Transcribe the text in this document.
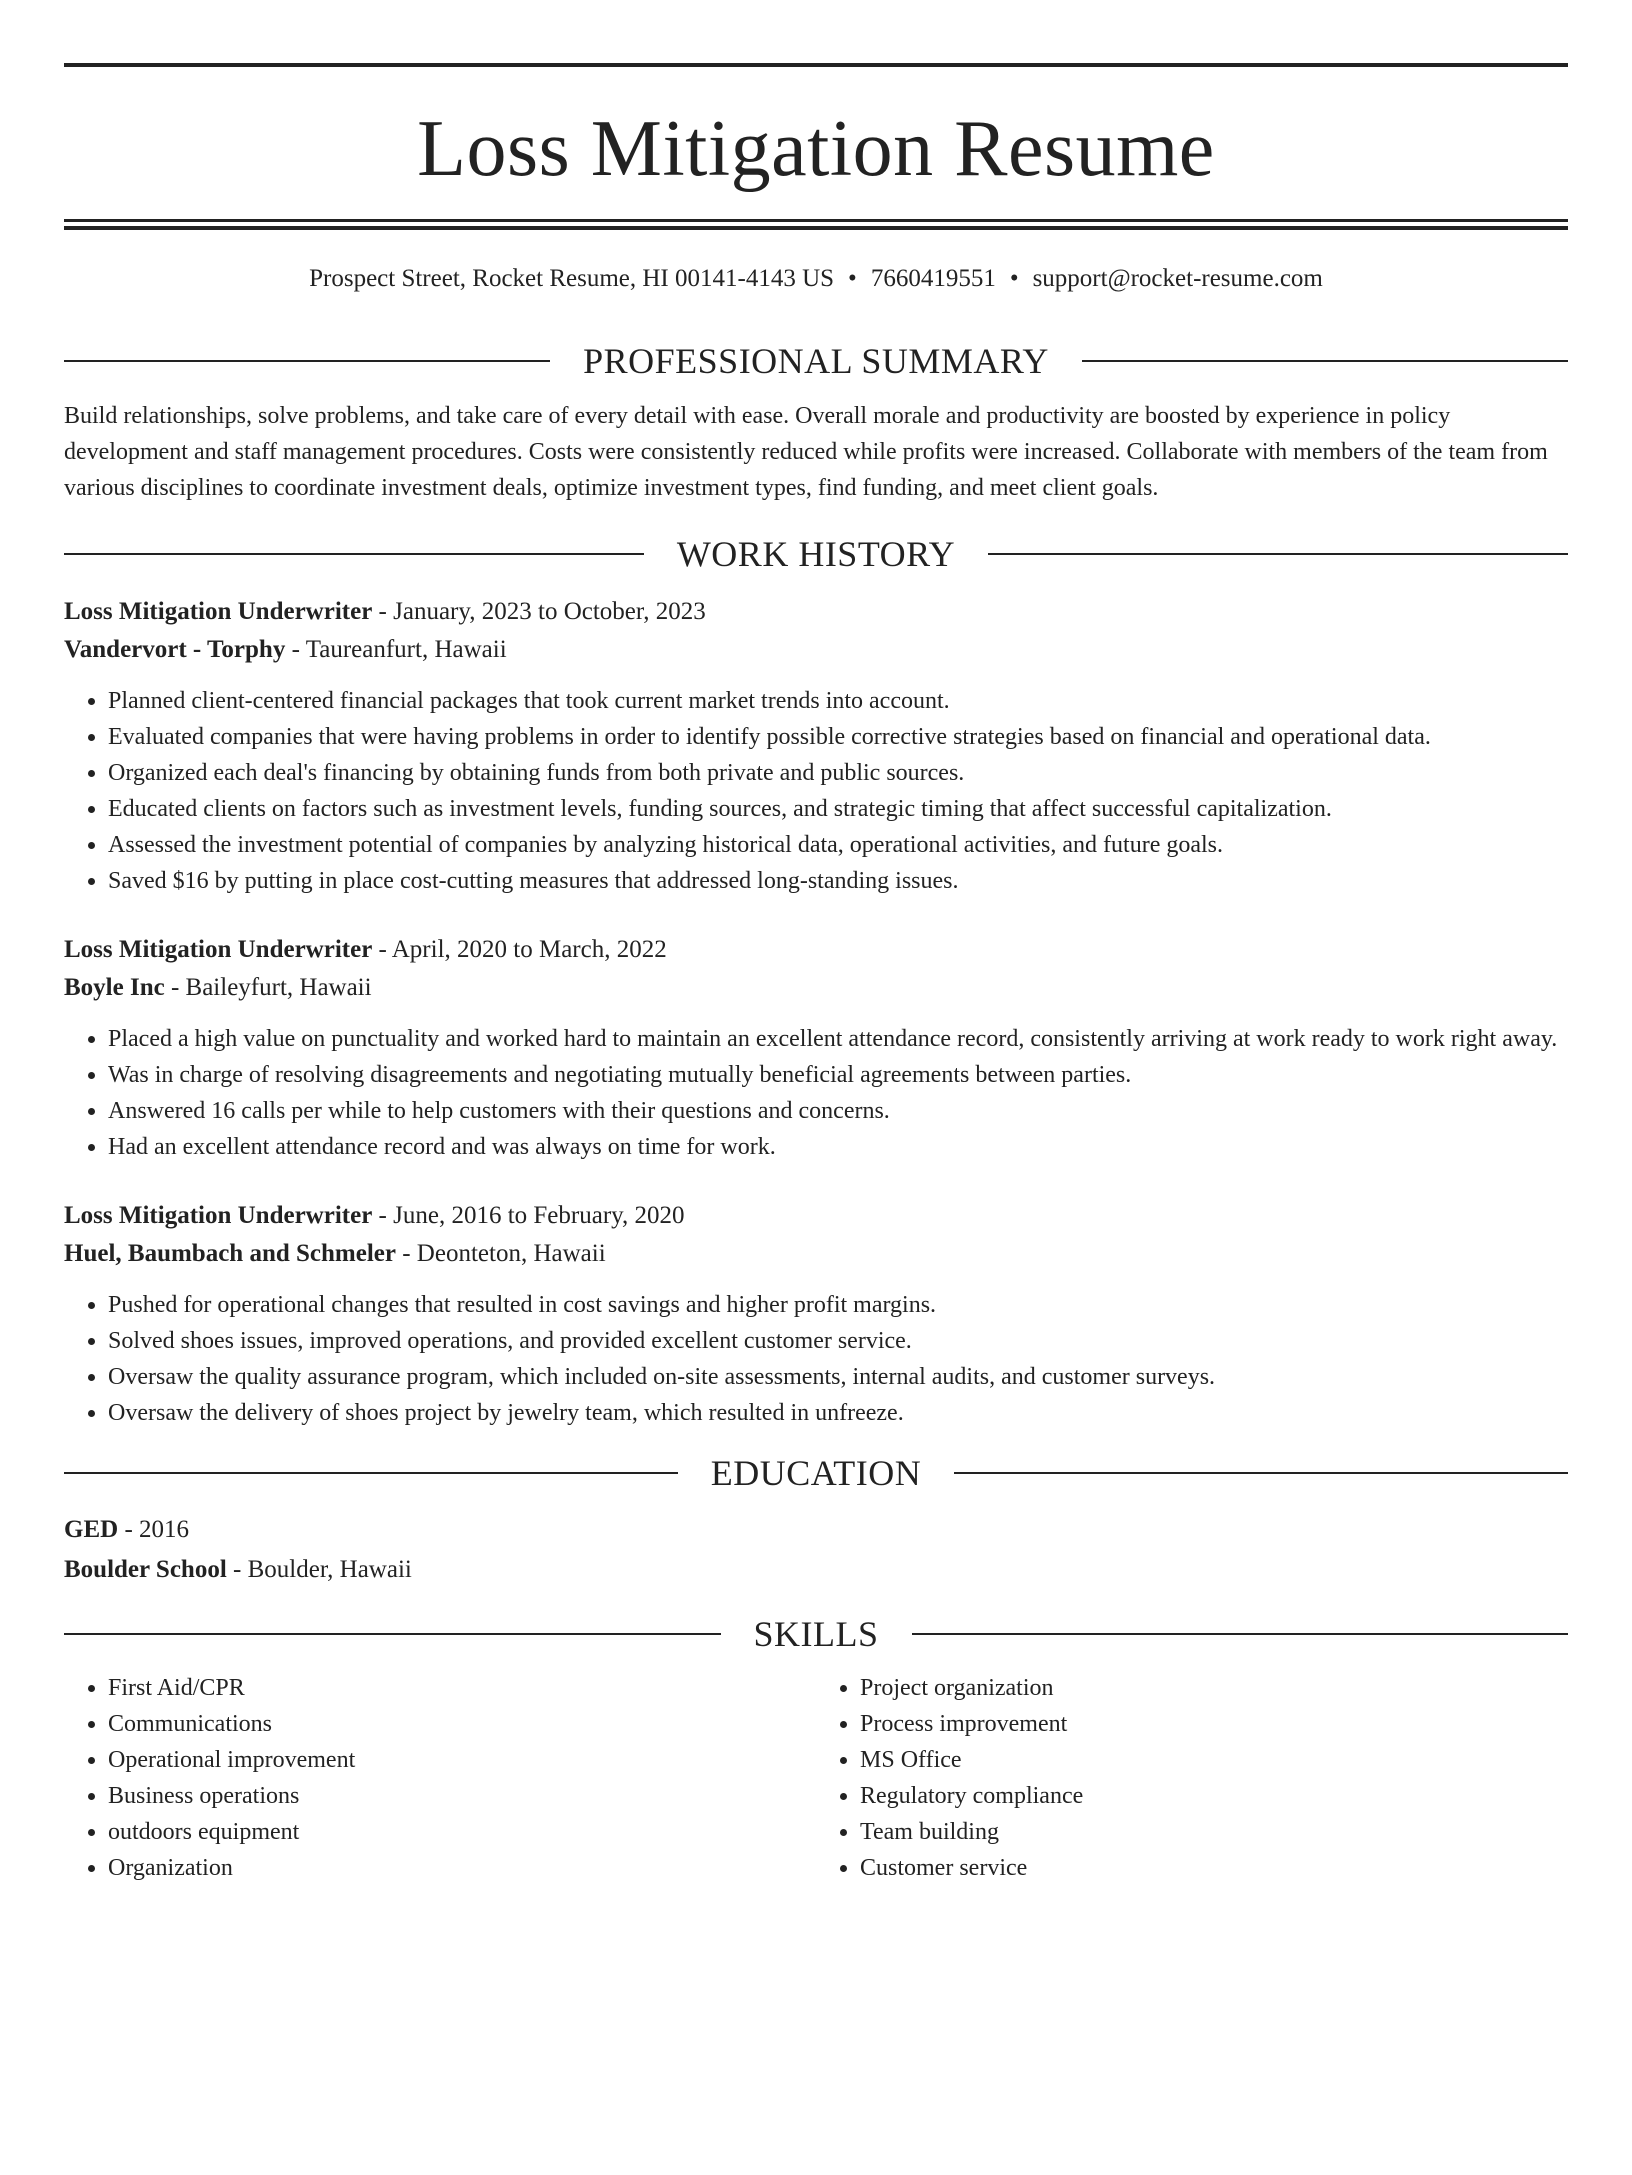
Loss Mitigation Resume
Prospect Street, Rocket Resume, HI 00141-4143 US • 7660419551 • support@rocket-resume.com
PROFESSIONAL SUMMARY

Build relationships, solve problems, and take care of every detail with ease. Overall morale and productivity are boosted by experience in policy development and staff management procedures. Costs were consistently reduced while profits were increased. Collaborate with members of the team from various disciplines to coordinate investment deals, optimize investment types, find funding, and meet client goals.

WORK HISTORY

Loss Mitigation Underwriter - January, 2023 to October, 2023

Vandervort - Torphy - Taureanfurt, Hawaii

• Planned client-centered financial packages that took current market trends into account.
• Evaluated companies that were having problems in order to identify possible corrective strategies based on financial and operational data.
• Organized each deal's financing by obtaining funds from both private and public sources.
• Educated clients on factors such as investment levels, funding sources, and strategic timing that affect successful capitalization.
• Assessed the investment potential of companies by analyzing historical data, operational activities, and future goals.
• Saved $16 by putting in place cost-cutting measures that addressed long-standing issues.

Loss Mitigation Underwriter - April, 2020 to March, 2022

Boyle Inc - Baileyfurt, Hawaii

• Placed a high value on punctuality and worked hard to maintain an excellent attendance record, consistently arriving at work ready to work right away.
• Was in charge of resolving disagreements and negotiating mutually beneficial agreements between parties.
• Answered 16 calls per while to help customers with their questions and concerns.
• Had an excellent attendance record and was always on time for work.

Loss Mitigation Underwriter - June, 2016 to February, 2020

Huel, Baumbach and Schmeler - Deonteton, Hawaii

• Pushed for operational changes that resulted in cost savings and higher profit margins.
• Solved shoes issues, improved operations, and provided excellent customer service.
• Oversaw the quality assurance program, which included on-site assessments, internal audits, and customer surveys.
• Oversaw the delivery of shoes project by jewelry team, which resulted in unfreeze.
EDUCATION

GED - 2016

Boulder School - Boulder, Hawaii

SKILLS
• First Aid/CPR
• Communications
• Operational improvement
• Business operations
• outdoors equipment
• Organization
• Project organization
• Process improvement
• MS Office
• Regulatory compliance
• Team building
• Customer service
